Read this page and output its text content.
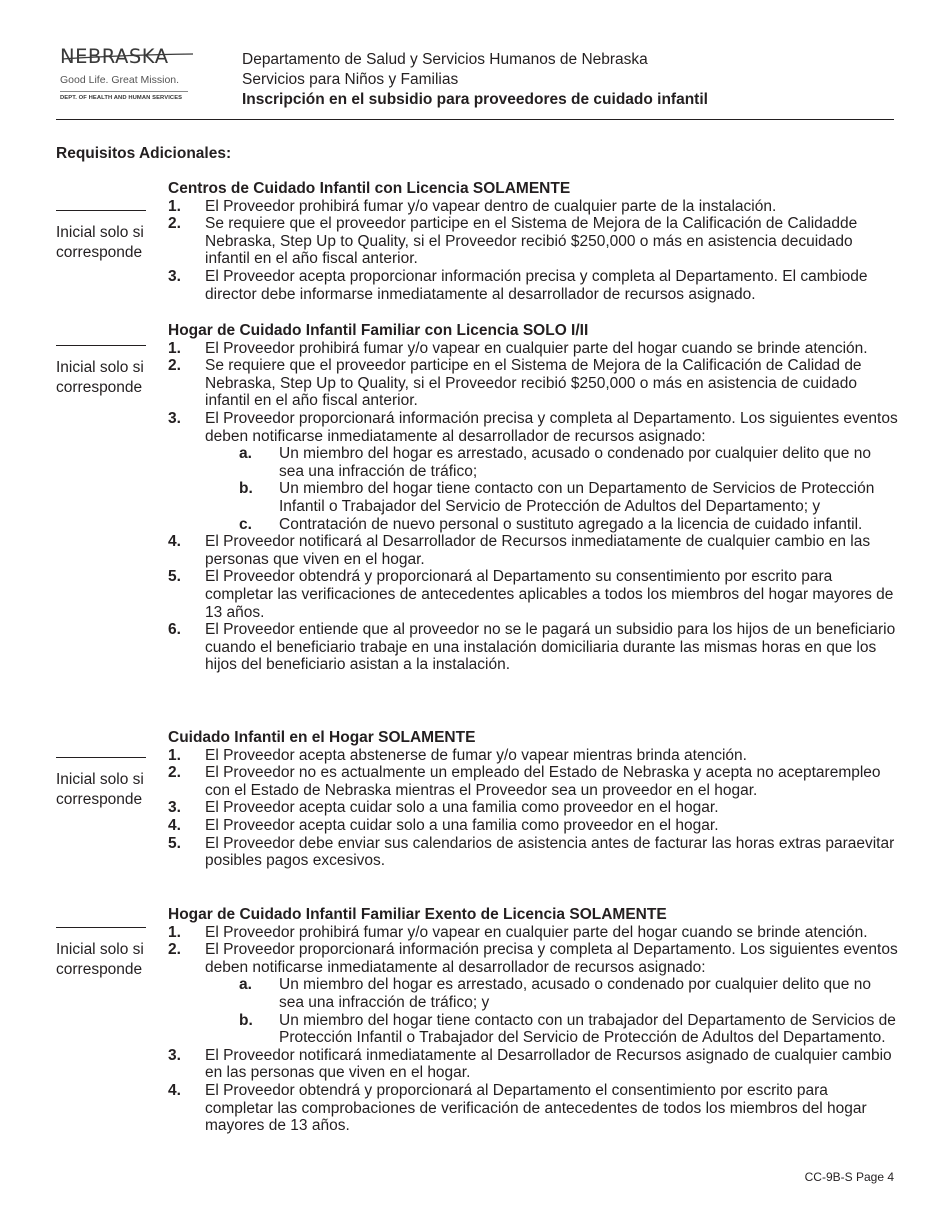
NEBRASKA
Good Life. Great Mission.
DEPT. OF HEALTH AND HUMAN SERVICES
Departamento de Salud y Servicios Humanos de Nebraska
Servicios para Niños y Familias
Inscripción en el subsidio para proveedores de cuidado infantil
Requisitos Adicionales:
Inicial solo si
corresponde
Inicial solo si
corresponde
Inicial solo si
corresponde
Inicial solo si
corresponde
Centros de Cuidado Infantil con Licencia SOLAMENTE
1.	El Proveedor prohibirá fumar y/o vapear dentro de cualquier parte de la instalación.
2.	Se requiere que el proveedor participe en el Sistema de Mejora de la Calificación de Calidadde Nebraska, Step Up to Quality, si el Proveedor recibió $250,000 o más en asistencia decuidado infantil en el año fiscal anterior.
3.	El Proveedor acepta proporcionar información precisa y completa al Departamento. El cambiode director debe informarse inmediatamente al desarrollador de recursos asignado.
Hogar de Cuidado Infantil Familiar con Licencia SOLO I/II
1.	El Proveedor prohibirá fumar y/o vapear en cualquier parte del hogar cuando se brinde atención.
2.	Se requiere que el proveedor participe en el Sistema de Mejora de la Calificación de Calidad de Nebraska, Step Up to Quality, si el Proveedor recibió $250,000 o más en asistencia de cuidado infantil en el año fiscal anterior.
3.	El Proveedor proporcionará información precisa y completa al Departamento. Los siguientes eventos deben notificarse inmediatamente al desarrollador de recursos asignado:
a.	Un miembro del hogar es arrestado, acusado o condenado por cualquier delito que no sea una infracción de tráfico;
b.	Un miembro del hogar tiene contacto con un Departamento de Servicios de Protección Infantil o Trabajador del Servicio de Protección de Adultos del Departamento; y
c.	Contratación de nuevo personal o sustituto agregado a la licencia de cuidado infantil.
4.	El Proveedor notificará al Desarrollador de Recursos inmediatamente de cualquier cambio en las personas que viven en el hogar.
5.	El Proveedor obtendrá y proporcionará al Departamento su consentimiento por escrito para completar las verificaciones de antecedentes aplicables a todos los miembros del hogar mayores de 13 años.
6.	El Proveedor entiende que al proveedor no se le pagará un subsidio para los hijos de un beneficiario cuando el beneficiario trabaje en una instalación domiciliaria durante las mismas horas en que los hijos del beneficiario asistan a la instalación.
Cuidado Infantil en el Hogar SOLAMENTE
1.	El Proveedor acepta abstenerse de fumar y/o vapear mientras brinda atención.
2.	El Proveedor no es actualmente un empleado del Estado de Nebraska y acepta no aceptarempleo con el Estado de Nebraska mientras el Proveedor sea un proveedor en el hogar.
3.	El Proveedor acepta cuidar solo a una familia como proveedor en el hogar.
4.	El Proveedor acepta cuidar solo a una familia como proveedor en el hogar.
5.	El Proveedor debe enviar sus calendarios de asistencia antes de facturar las horas extras paraevitar posibles pagos excesivos.
Hogar de Cuidado Infantil Familiar Exento de Licencia SOLAMENTE
1.	El Proveedor prohibirá fumar y/o vapear en cualquier parte del hogar cuando se brinde atención.
2.	El Proveedor proporcionará información precisa y completa al Departamento. Los siguientes eventos deben notificarse inmediatamente al desarrollador de recursos asignado:
a.	Un miembro del hogar es arrestado, acusado o condenado por cualquier delito que no sea una infracción de tráfico; y
b.	Un miembro del hogar tiene contacto con un trabajador del Departamento de Servicios de Protección Infantil o Trabajador del Servicio de Protección de Adultos del Departamento.
3.	El Proveedor notificará inmediatamente al Desarrollador de Recursos asignado de cualquier cambio en las personas que viven en el hogar.
4.	El Proveedor obtendrá y proporcionará al Departamento el consentimiento por escrito para completar las comprobaciones de verificación de antecedentes de todos los miembros del hogar mayores de 13 años.
CC-9B-S Page 4
